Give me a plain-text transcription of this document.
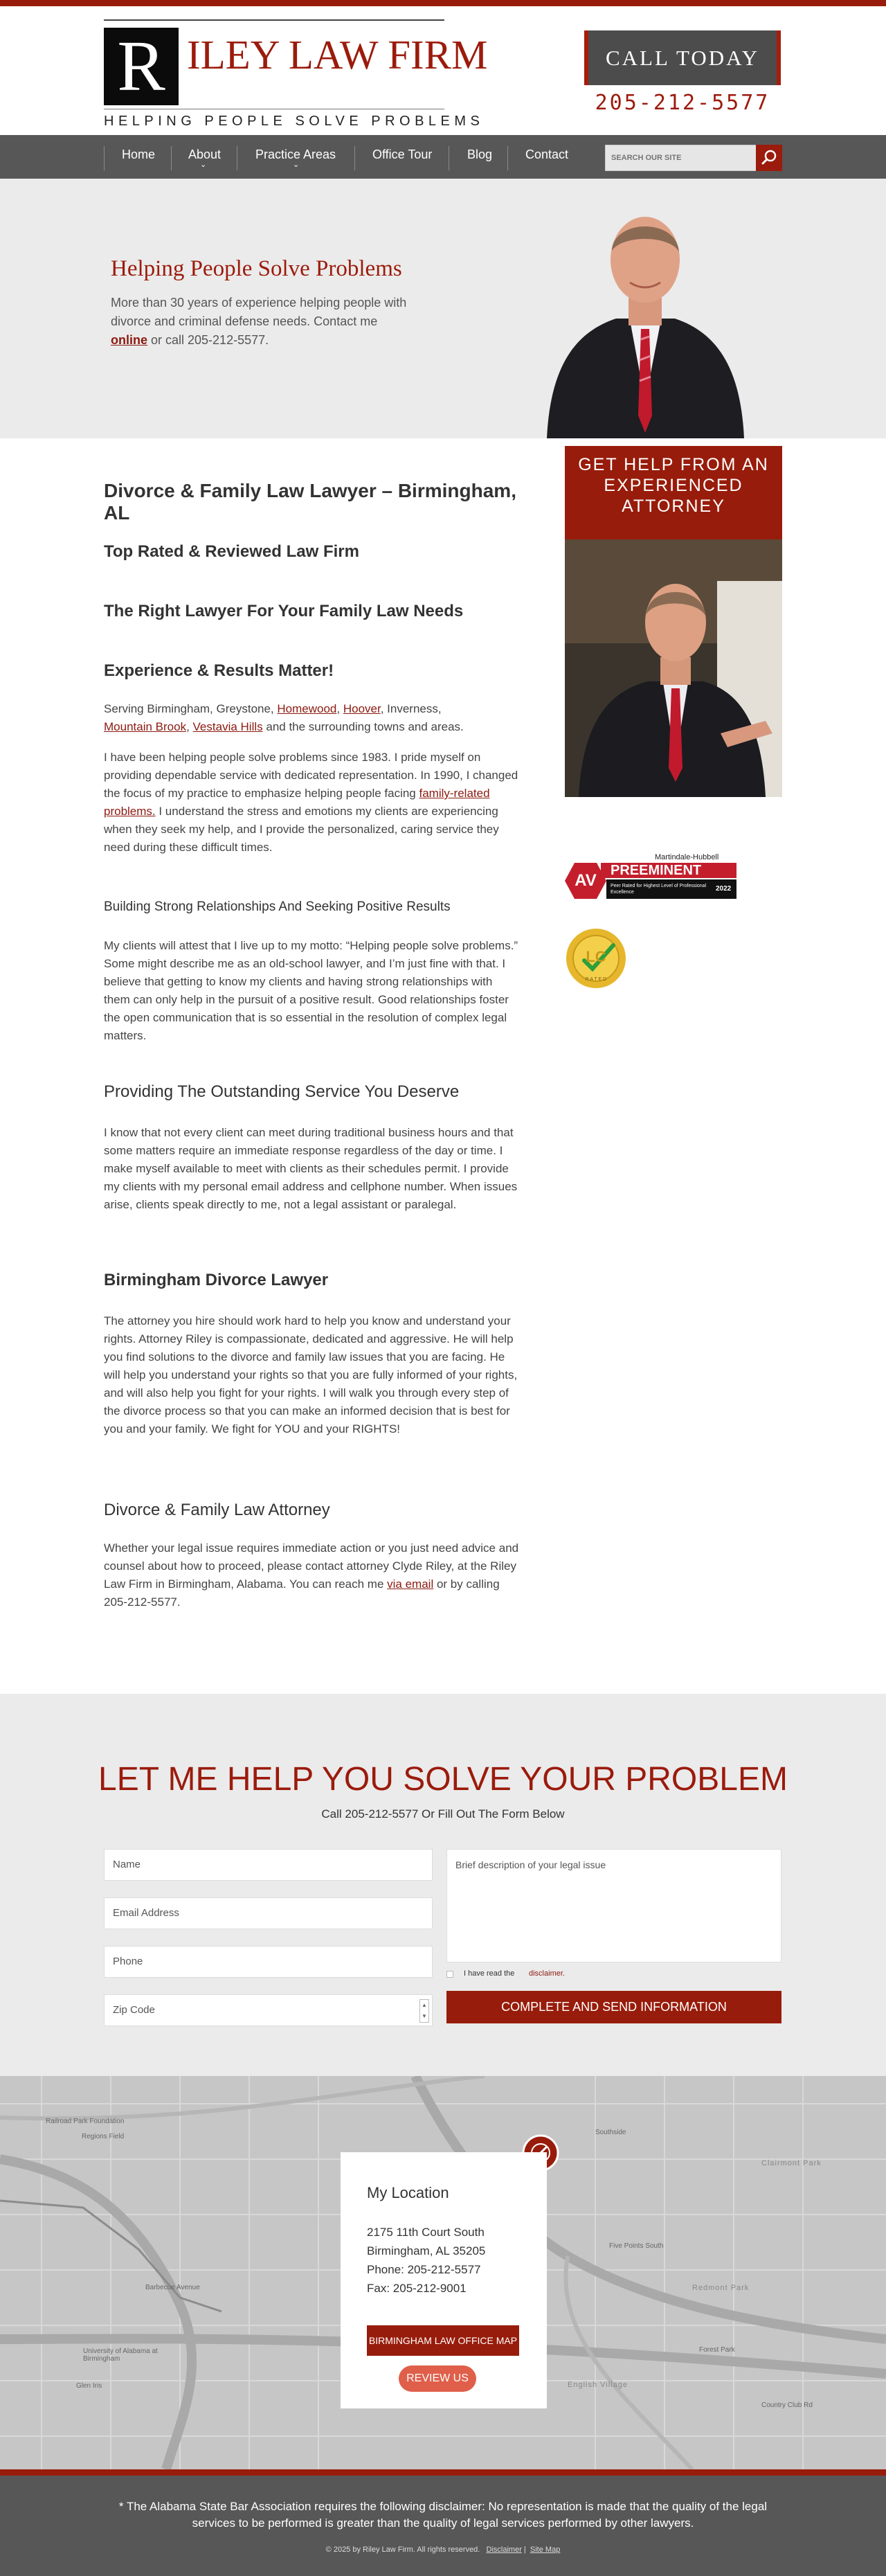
R ILEY LAW FIRM
HELPING PEOPLE SOLVE PROBLEMS
CALL TODAY
205-212-5577
Home	About
⌄
Practice Areas
⌄
Office Tour	Blog	Contact
SEARCH OUR SITE
Helping People Solve Problems

More than 30 years of experience helping people with divorce and criminal defense needs. Contact me online or call 205-212-5577.

Divorce & Family Law Lawyer – Birmingham, AL
Top Rated & Reviewed Law Firm
The Right Lawyer For Your Family Law Needs
Experience & Results Matter!

Serving Birmingham, Greystone, Homewood, Hoover, Inverness,
Mountain Brook, Vestavia Hills and the surrounding towns and areas.

I have been helping people solve problems since 1983. I pride myself on providing dependable service with dedicated representation. In 1990, I changed the focus of my practice to emphasize helping people facing family-related problems. I understand the stress and emotions my clients are experiencing when they seek my help, and I provide the personalized, caring service they need during these difficult times.

Building Strong Relationships And Seeking Positive Results

My clients will attest that I live up to my motto: “Helping people solve problems.” Some might describe me as an old-school lawyer, and I’m just fine with that. I believe that getting to know my clients and having strong relationships with them can only help in the pursuit of a positive result. Good relationships foster the open communication that is so essential in the resolution of complex legal matters.

Providing The Outstanding Service You Deserve

I know that not every client can meet during traditional business hours and that some matters require an immediate response regardless of the day or time. I make myself available to meet with clients as their schedules permit. I provide my clients with my personal email address and cellphone number. When issues arise, clients speak directly to me, not a legal assistant or paralegal.

Birmingham Divorce Lawyer

The attorney you hire should work hard to help you know and understand your rights. Attorney Riley is compassionate, dedicated and aggressive. He will help you find solutions to the divorce and family law issues that you are facing. He will help you understand your rights so that you are fully informed of your rights, and will also help you fight for your rights. I will walk you through every step of the divorce process so that you can make an informed decision that is best for you and your family. We fight for YOU and your RIGHTS!

Divorce & Family Law Attorney

Whether your legal issue requires immediate action or you just need advice and counsel about how to proceed, please contact attorney Clyde Riley, at the Riley Law Firm in Birmingham, Alabama. You can reach me via email or by calling 205-212-5577.

GET HELP FROM AN EXPERIENCED ATTORNEY
Martindale-Hubbell
AV
PREEMINENT
Peer Rated for Highest Level of Professional Excellence	2022
LC
R A T E D
LET ME HELP YOU SOLVE YOUR PROBLEM
Call 205-212-5577 Or Fill Out The Form Below
Name
Email Address
Phone
Zip Code	▲
▼
Brief description of your legal issue
I have read the disclaimer.
COMPLETE AND SEND INFORMATION
Railroad Park Foundation
Regions Field
Southside
Five Points South
Barbecue Avenue
Glen Iris
University of Alabama at Birmingham
Clairmont Park
Redmont Park
English Village
Forest Park
Country Club Rd
My Location
2175 11th Court South
Birmingham, AL 35205
Phone: 205-212-5577
Fax: 205-212-9001
BIRMINGHAM LAW OFFICE MAP
REVIEW US
* The Alabama State Bar Association requires the following disclaimer: No representation is made that the quality of the legal services to be performed is greater than the quality of legal services performed by other lawyers.
© 2025 by Riley Law Firm. All rights reserved. Disclaimer |  Site Map
